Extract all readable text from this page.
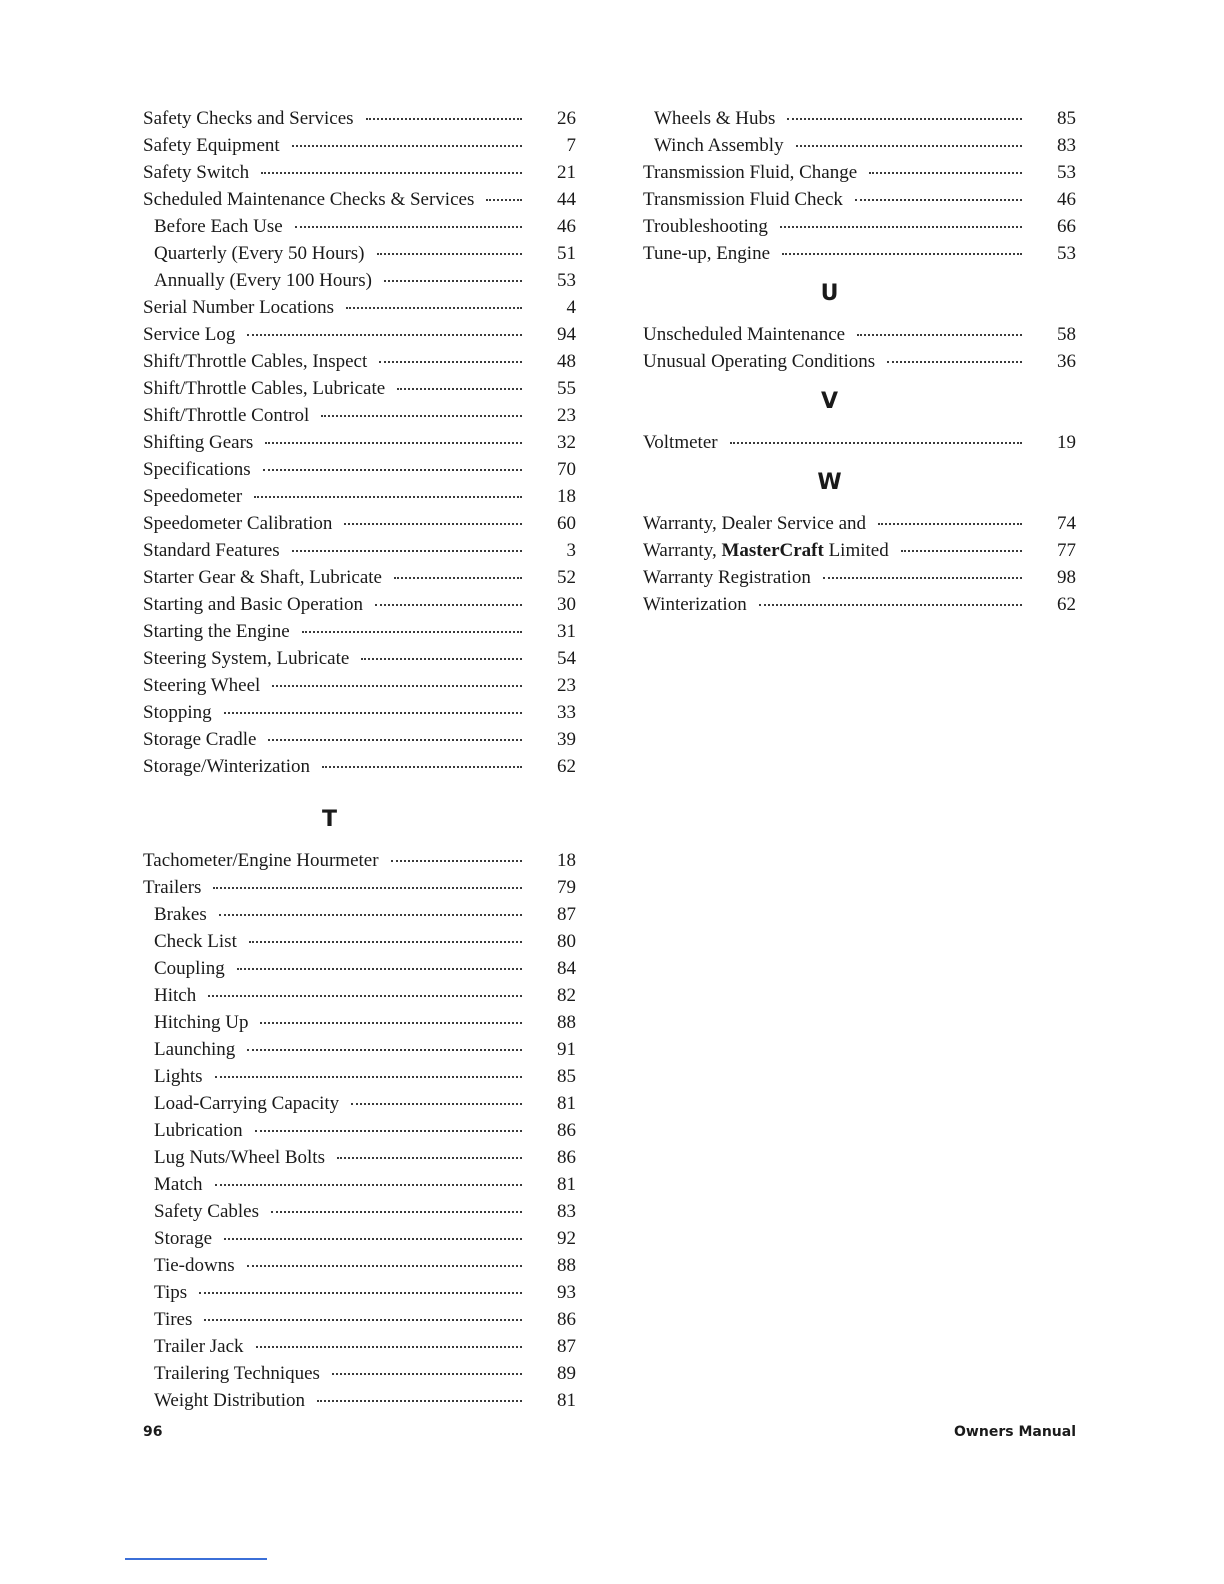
Safety Checks and Services	26
Safety Equipment	7
Safety Switch	21
Scheduled Maintenance Checks & Services	44
Before Each Use	46
Quarterly (Every 50 Hours)	51
Annually (Every 100 Hours)	53
Serial Number Locations	4
Service Log	94
Shift/Throttle Cables, Inspect	48
Shift/Throttle Cables, Lubricate	55
Shift/Throttle Control	23
Shifting Gears	32
Specifications	70
Speedometer	18
Speedometer Calibration	60
Standard Features	3
Starter Gear & Shaft, Lubricate	52
Starting and Basic Operation	30
Starting the Engine	31
Steering System, Lubricate	54
Steering Wheel	23
Stopping	33
Storage Cradle	39
Storage/Winterization	62
T
Tachometer/Engine Hourmeter	18
Trailers	79
Brakes	87
Check List	80
Coupling	84
Hitch	82
Hitching Up	88
Launching	91
Lights	85
Load-Carrying Capacity	81
Lubrication	86
Lug Nuts/Wheel Bolts	86
Match	81
Safety Cables	83
Storage	92
Tie-downs	88
Tips	93
Tires	86
Trailer Jack	87
Trailering Techniques	89
Weight Distribution	81
Wheels & Hubs	85
Winch Assembly	83
Transmission Fluid, Change	53
Transmission Fluid Check	46
Troubleshooting	66
Tune-up, Engine	53
U
Unscheduled Maintenance	58
Unusual Operating Conditions	36
V
Voltmeter	19
W
Warranty, Dealer Service and	74
Warranty, MasterCraft Limited	77
Warranty Registration	98
Winterization	62
96	Owners Manual
